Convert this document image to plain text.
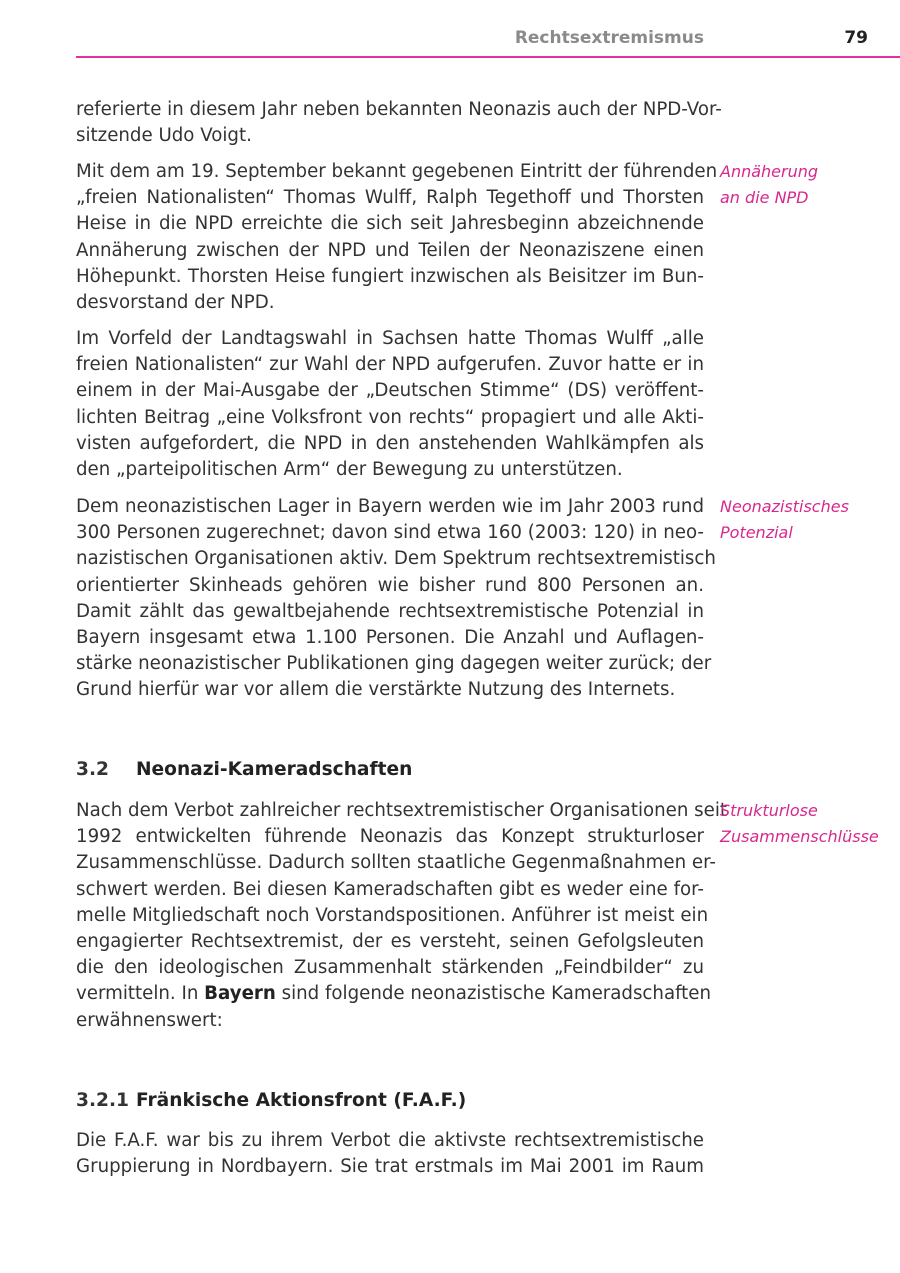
Rechtsextremismus	79

referierte in diesem Jahr neben bekannten Neonazis auch der NPD-Vor-
sitzende Udo Voigt.

Mit dem am 19. September bekannt gegebenen Eintritt der führenden
„freien Nationalisten“ Thomas Wulff, Ralph Tegethoff und Thorsten
Heise in die NPD erreichte die sich seit Jahresbeginn abzeichnende
Annäherung zwischen der NPD und Teilen der Neonaziszene einen
Höhepunkt. Thorsten Heise fungiert inzwischen als Beisitzer im Bun-
desvorstand der NPD.

Annäherung
an die NPD

Im Vorfeld der Landtagswahl in Sachsen hatte Thomas Wulff „alle
freien Nationalisten“ zur Wahl der NPD aufgerufen. Zuvor hatte er in
einem in der Mai-Ausgabe der „Deutschen Stimme“ (DS) veröffent-
lichten Beitrag „eine Volksfront von rechts“ propagiert und alle Akti-
visten aufgefordert, die NPD in den anstehenden Wahlkämpfen als
den „parteipolitischen Arm“ der Bewegung zu unterstützen.

Dem neonazistischen Lager in Bayern werden wie im Jahr 2003 rund
300 Personen zugerechnet; davon sind etwa 160 (2003: 120) in neo-
nazistischen Organisationen aktiv. Dem Spektrum rechtsextremistisch
orientierter Skinheads gehören wie bisher rund 800 Personen an.
Damit zählt das gewaltbejahende rechtsextremistische Potenzial in
Bayern insgesamt etwa 1.100 Personen. Die Anzahl und Auflagen-
stärke neonazistischer Publikationen ging dagegen weiter zurück; der
Grund hierfür war vor allem die verstärkte Nutzung des Internets.

Neonazistisches
Potenzial

3.2 Neonazi-Kameradschaften

Nach dem Verbot zahlreicher rechtsextremistischer Organisationen seit
1992 entwickelten führende Neonazis das Konzept strukturloser
Zusammenschlüsse. Dadurch sollten staatliche Gegenmaßnahmen er-
schwert werden. Bei diesen Kameradschaften gibt es weder eine for-
melle Mitgliedschaft noch Vorstandspositionen. Anführer ist meist ein
engagierter Rechtsextremist, der es versteht, seinen Gefolgsleuten
die den ideologischen Zusammenhalt stärkenden „Feindbilder“ zu
vermitteln. In Bayern sind folgende neonazistische Kameradschaften
erwähnenswert:

Strukturlose
Zusammenschlüsse

3.2.1 Fränkische Aktionsfront (F.A.F.)

Die F.A.F. war bis zu ihrem Verbot die aktivste rechtsextremistische
Gruppierung in Nordbayern. Sie trat erstmals im Mai 2001 im Raum
